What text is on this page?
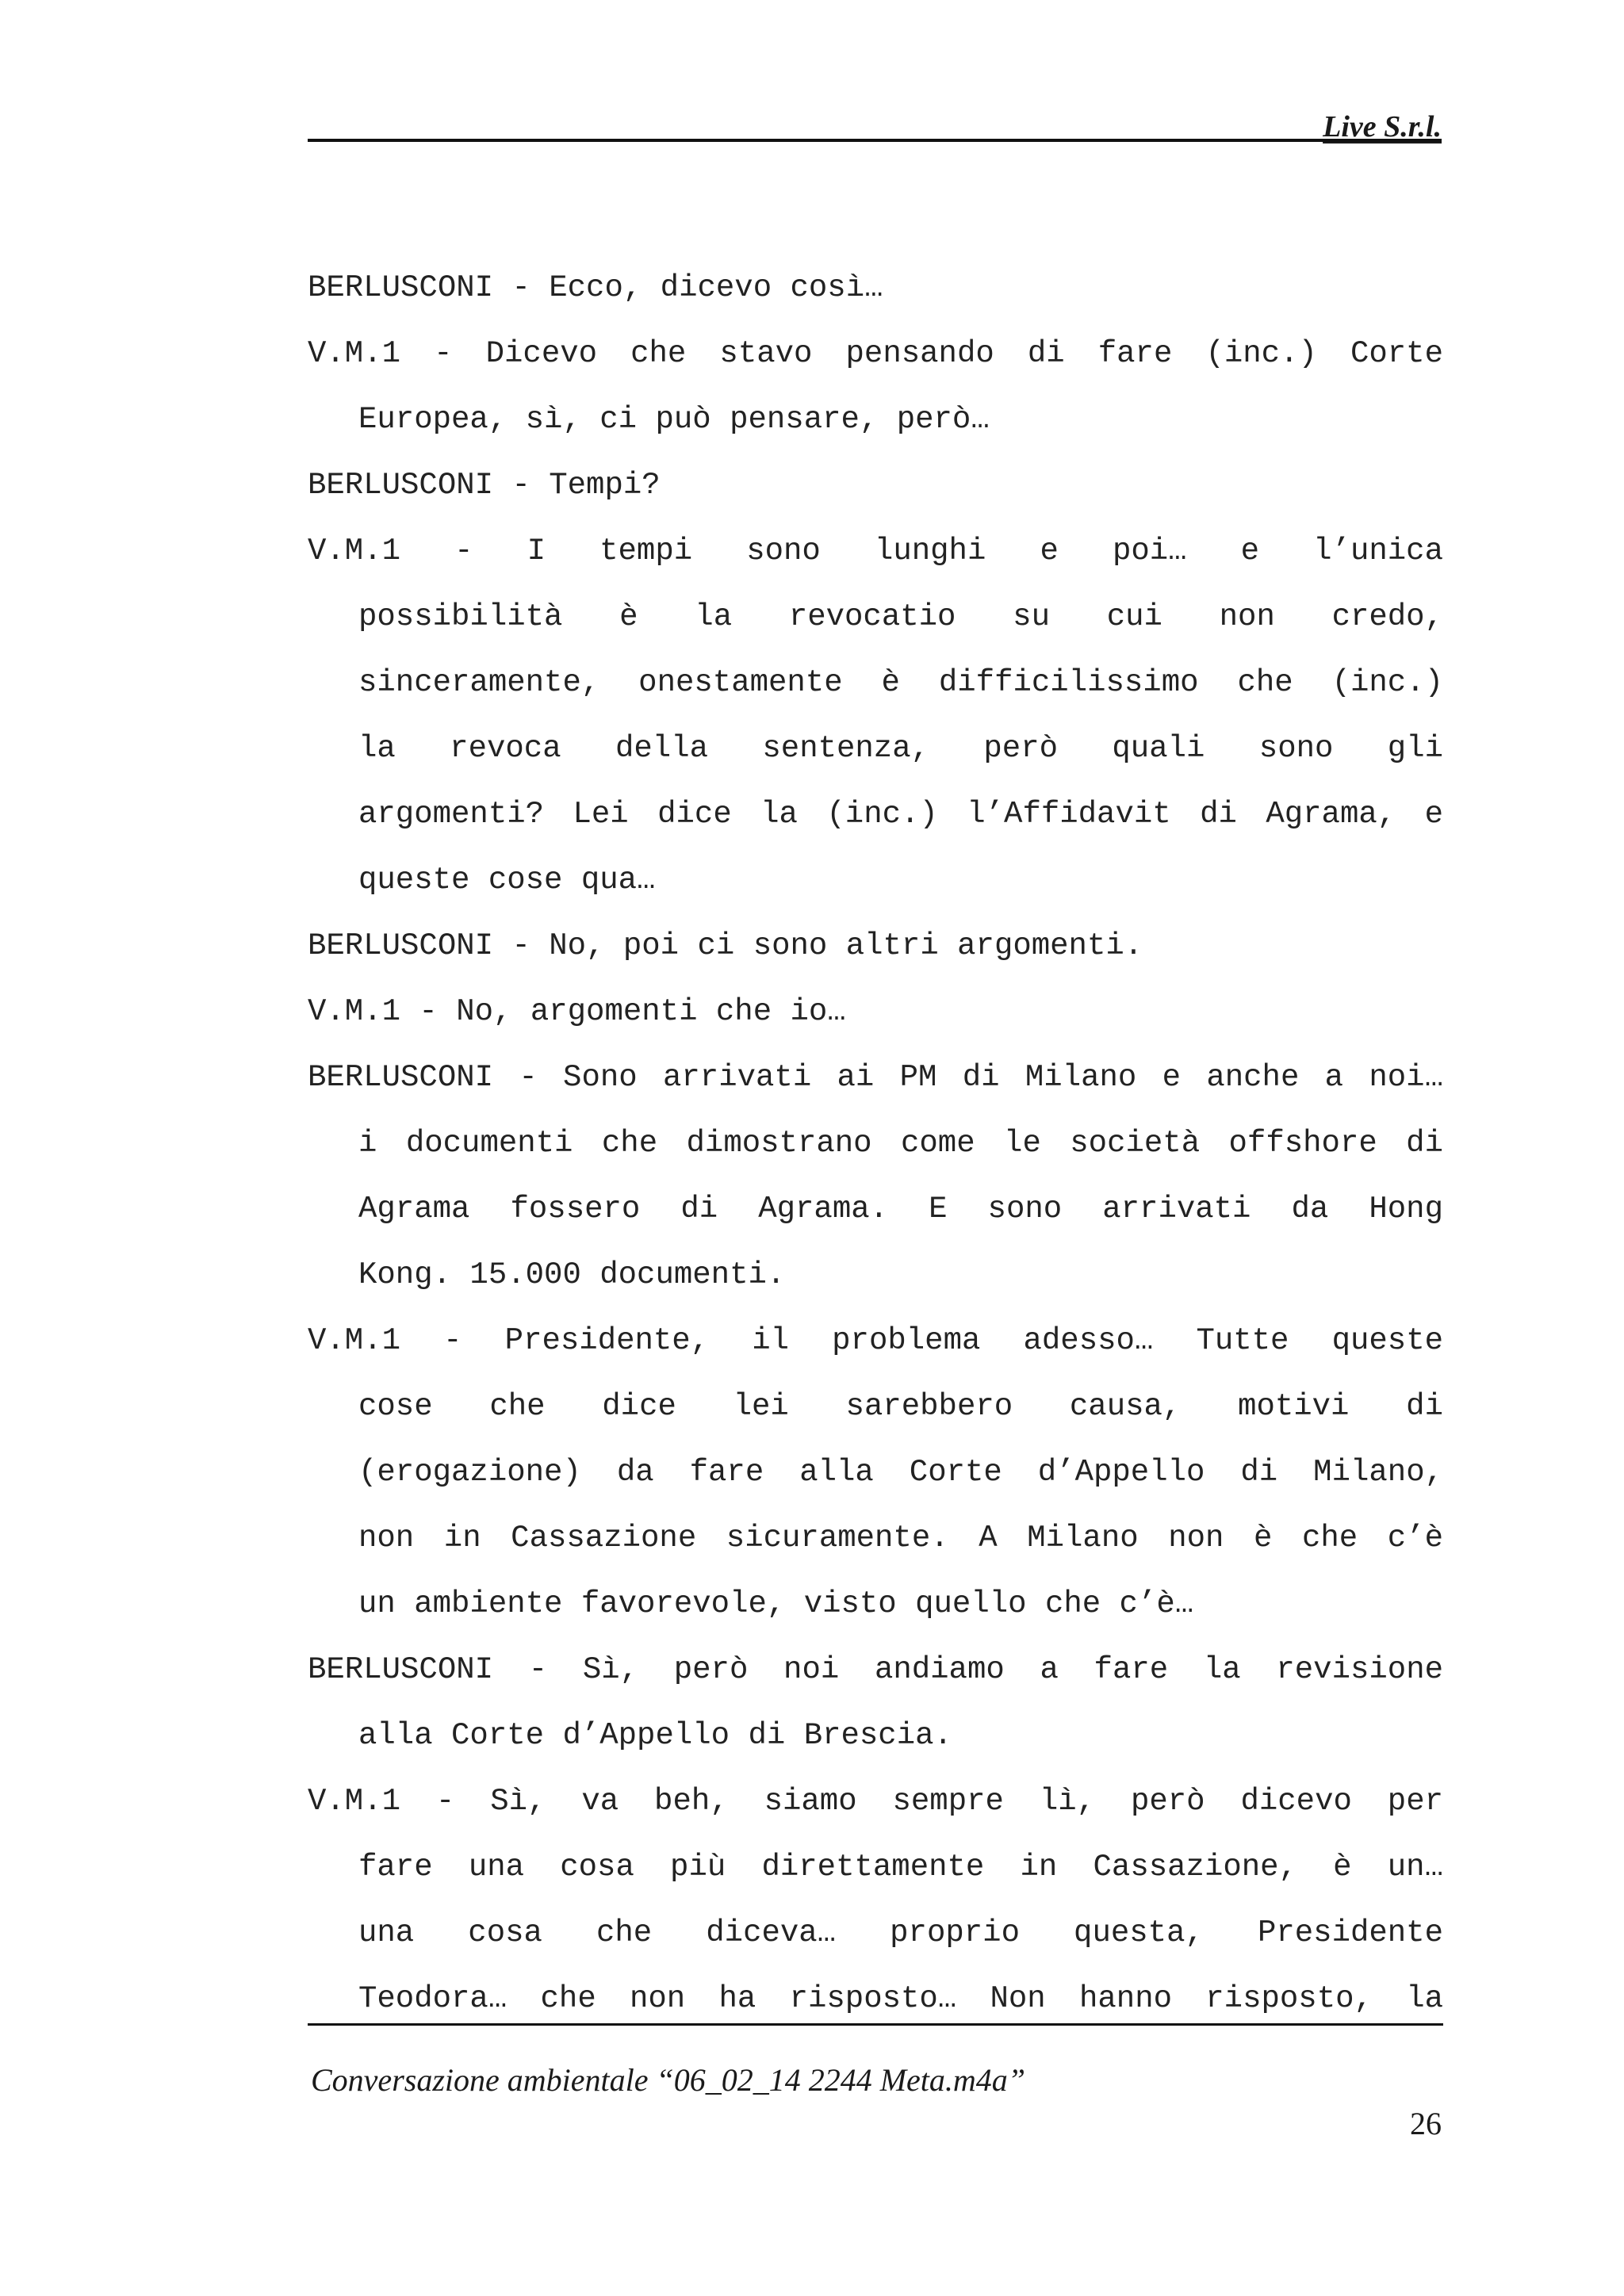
Live S.r.l.
BERLUSCONI - Ecco, dicevo così…
V.M.1 - Dicevo che stavo pensando di fare (inc.) Corte
Europea, sì, ci può pensare, però…
BERLUSCONI - Tempi?
V.M.1 - I tempi sono lunghi e poi… e l’unica
possibilità è la revocatio su cui non credo,
sinceramente, onestamente è difficilissimo che (inc.)
la revoca della sentenza, però quali sono gli
argomenti? Lei dice la (inc.) l’Affidavit di Agrama, e
queste cose qua…
BERLUSCONI - No, poi ci sono altri argomenti.
V.M.1 - No, argomenti che io…
BERLUSCONI - Sono arrivati ai PM di Milano e anche a noi…
i documenti che dimostrano come le società offshore di
Agrama fossero di Agrama. E sono arrivati da Hong
Kong. 15.000 documenti.
V.M.1 - Presidente, il problema adesso… Tutte queste
cose che dice lei sarebbero causa, motivi di
(erogazione) da fare alla Corte d’Appello di Milano,
non in Cassazione sicuramente. A Milano non è che c’è
un ambiente favorevole, visto quello che c’è…
BERLUSCONI - Sì, però noi andiamo a fare la revisione
alla Corte d’Appello di Brescia.
V.M.1 - Sì, va beh, siamo sempre lì, però dicevo per
fare una cosa più direttamente in Cassazione, è un…
una cosa che diceva… proprio questa, Presidente
Teodora… che non ha risposto… Non hanno risposto, la
Conversazione ambientale “06_02_14 2244 Meta.m4a”
26
